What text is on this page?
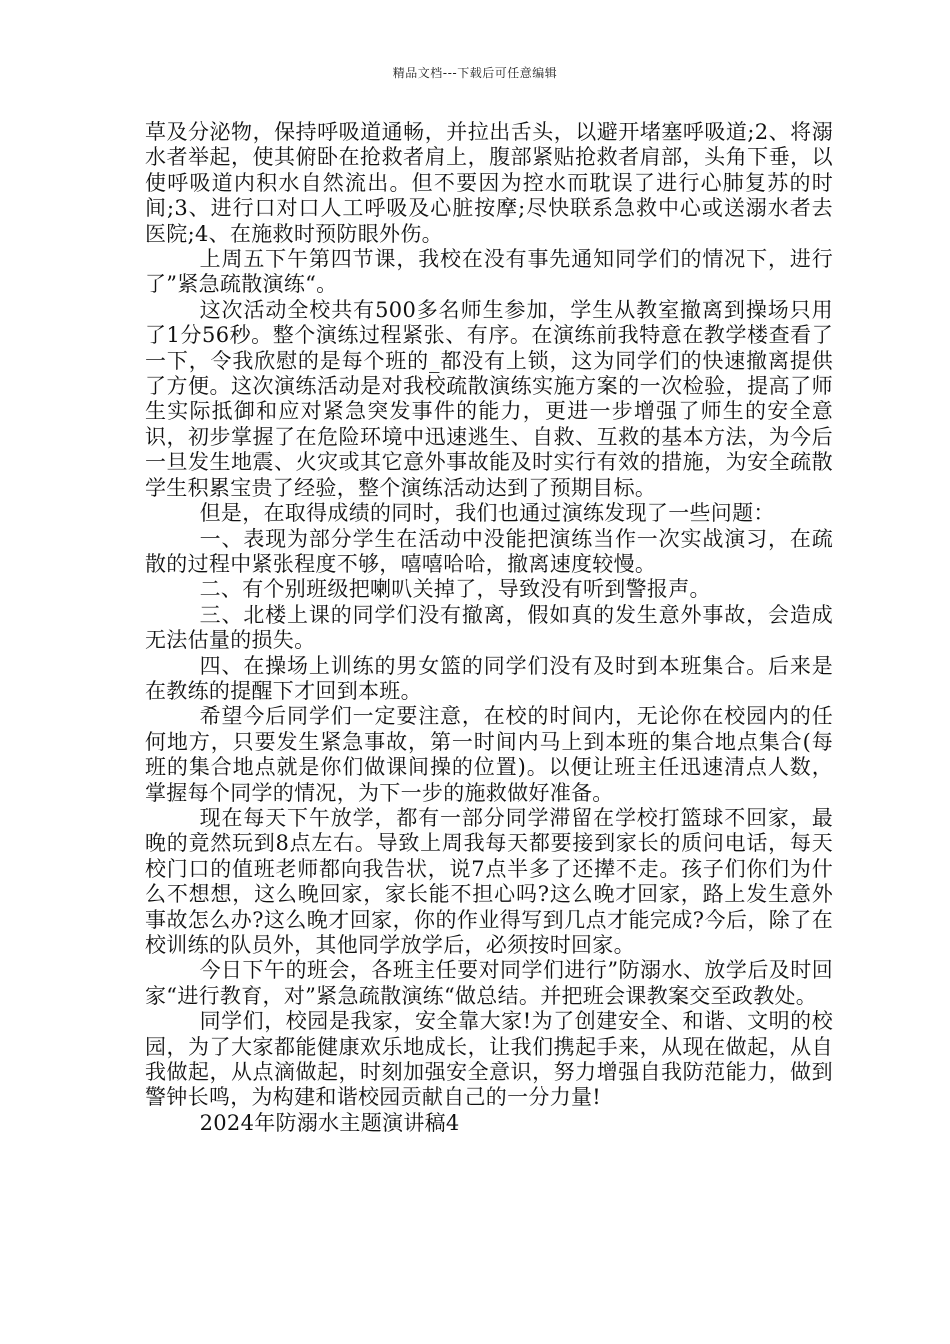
精品文档---下载后可任意编辑

草及分泌物，保持呼吸道通畅，并拉出舌头，以避开堵塞呼吸道;2、将溺水者举起，使其俯卧在抢救者肩上，腹部紧贴抢救者肩部，头角下垂，以使呼吸道内积水自然流出。但不要因为控水而耽误了进行心肺复苏的时间;3、进行口对口人工呼吸及心脏按摩;尽快联系急救中心或送溺水者去医院;4、在施救时预防眼外伤。

上周五下午第四节课，我校在没有事先通知同学们的情况下，进行了”紧急疏散演练“。

这次活动全校共有500多名师生参加，学生从教室撤离到操场只用了1分56秒。整个演练过程紧张、有序。在演练前我特意在教学楼查看了一下，令我欣慰的是每个班的_都没有上锁，这为同学们的快速撤离提供了方便。这次演练活动是对我校疏散演练实施方案的一次检验，提高了师生实际抵御和应对紧急突发事件的能力，更进一步增强了师生的安全意识，初步掌握了在危险环境中迅速逃生、自救、互救的基本方法，为今后一旦发生地震、火灾或其它意外事故能及时实行有效的措施，为安全疏散学生积累宝贵了经验，整个演练活动达到了预期目标。

但是，在取得成绩的同时，我们也通过演练发现了一些问题：

一、表现为部分学生在活动中没能把演练当作一次实战演习，在疏散的过程中紧张程度不够，嘻嘻哈哈，撤离速度较慢。

二、有个别班级把喇叭关掉了，导致没有听到警报声。

三、北楼上课的同学们没有撤离，假如真的发生意外事故，会造成无法估量的损失。

四、在操场上训练的男女篮的同学们没有及时到本班集合。后来是在教练的提醒下才回到本班。

希望今后同学们一定要注意，在校的时间内，无论你在校园内的任何地方，只要发生紧急事故，第一时间内马上到本班的集合地点集合(每班的集合地点就是你们做课间操的位置)。以便让班主任迅速清点人数，掌握每个同学的情况，为下一步的施救做好准备。

现在每天下午放学，都有一部分同学滞留在学校打篮球不回家，最晚的竟然玩到8点左右。导致上周我每天都要接到家长的质问电话，每天校门口的值班老师都向我告状，说7点半多了还撵不走。孩子们你们为什么不想想，这么晚回家，家长能不担心吗?这么晚才回家，路上发生意外事故怎么办?这么晚才回家，你的作业得写到几点才能完成?今后，除了在校训练的队员外，其他同学放学后，必须按时回家。

今日下午的班会，各班主任要对同学们进行”防溺水、放学后及时回家“进行教育，对”紧急疏散演练“做总结。并把班会课教案交至政教处。

同学们，校园是我家，安全靠大家!为了创建安全、和谐、文明的校园，为了大家都能健康欢乐地成长，让我们携起手来，从现在做起，从自我做起，从点滴做起，时刻加强安全意识，努力增强自我防范能力，做到警钟长鸣，为构建和谐校园贡献自己的一分力量!

2024年防溺水主题演讲稿4
